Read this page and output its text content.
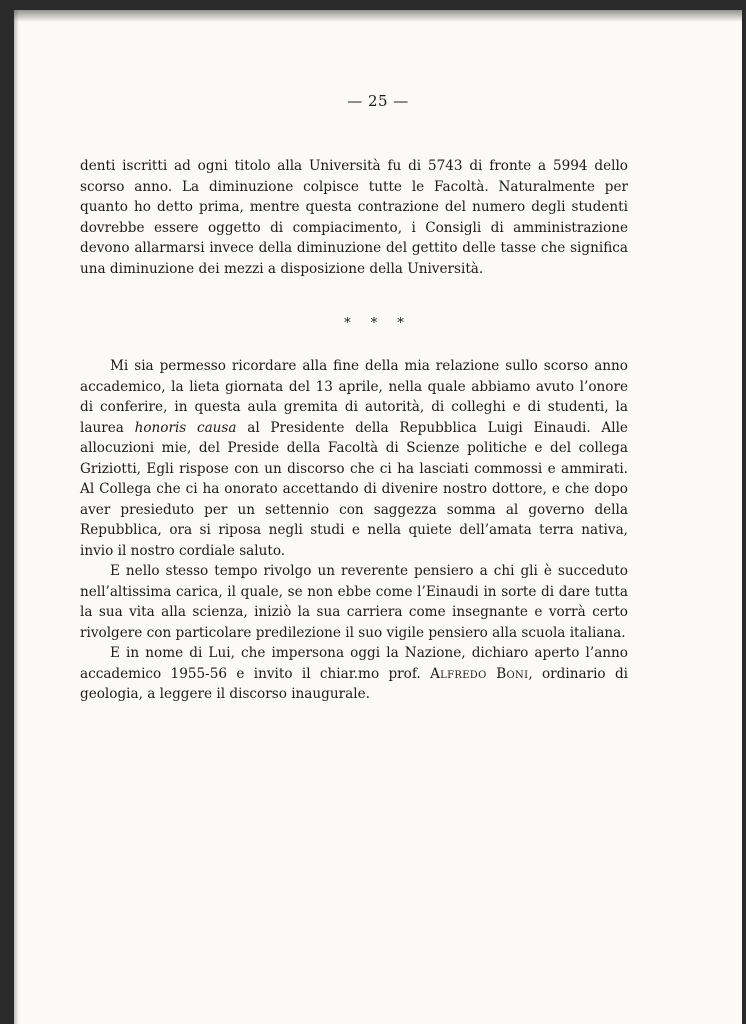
— 25 —

denti iscritti ad ogni titolo alla Università fu di 5743 di fronte a 5994 dello scorso anno. La diminuzione colpisce tutte le Facoltà. Naturalmente per quanto ho detto prima, mentre questa contrazione del numero degli studenti dovrebbe essere oggetto di compiacimento, i Consigli di amministrazione devono allarmarsi invece della diminuzione del gettito delle tasse che significa una diminuzione dei mezzi a disposizione della Università.

* * *

Mi sia permesso ricordare alla fine della mia relazione sullo scorso anno accademico, la lieta giornata del 13 aprile, nella quale abbiamo avuto l’onore di conferire, in questa aula gremita di autorità, di colleghi e di studenti, la laurea honoris causa al Presidente della Repubblica Luigi Einaudi. Alle allocuzioni mie, del Preside della Facoltà di Scienze politiche e del collega Griziotti, Egli rispose con un discorso che ci ha lasciati commossi e ammirati. Al Collega che ci ha onorato accettando di divenire nostro dottore, e che dopo aver presieduto per un settennio con saggezza somma al governo della Repubblica, ora si riposa negli studi e nella quiete dell’amata terra nativa, invio il nostro cordiale saluto.

E nello stesso tempo rivolgo un reverente pensiero a chi gli è succeduto nell’altissima carica, il quale, se non ebbe come l’Einaudi in sorte di dare tutta la sua vita alla scienza, iniziò la sua carriera come insegnante e vorrà certo rivolgere con particolare predilezione il suo vigile pensiero alla scuola italiana.

E in nome di Lui, che impersona oggi la Nazione, dichiaro aperto l’anno accademico 1955-56 e invito il chiar.mo prof. Alfredo Boni, ordinario di geologia, a leggere il discorso inaugurale.
